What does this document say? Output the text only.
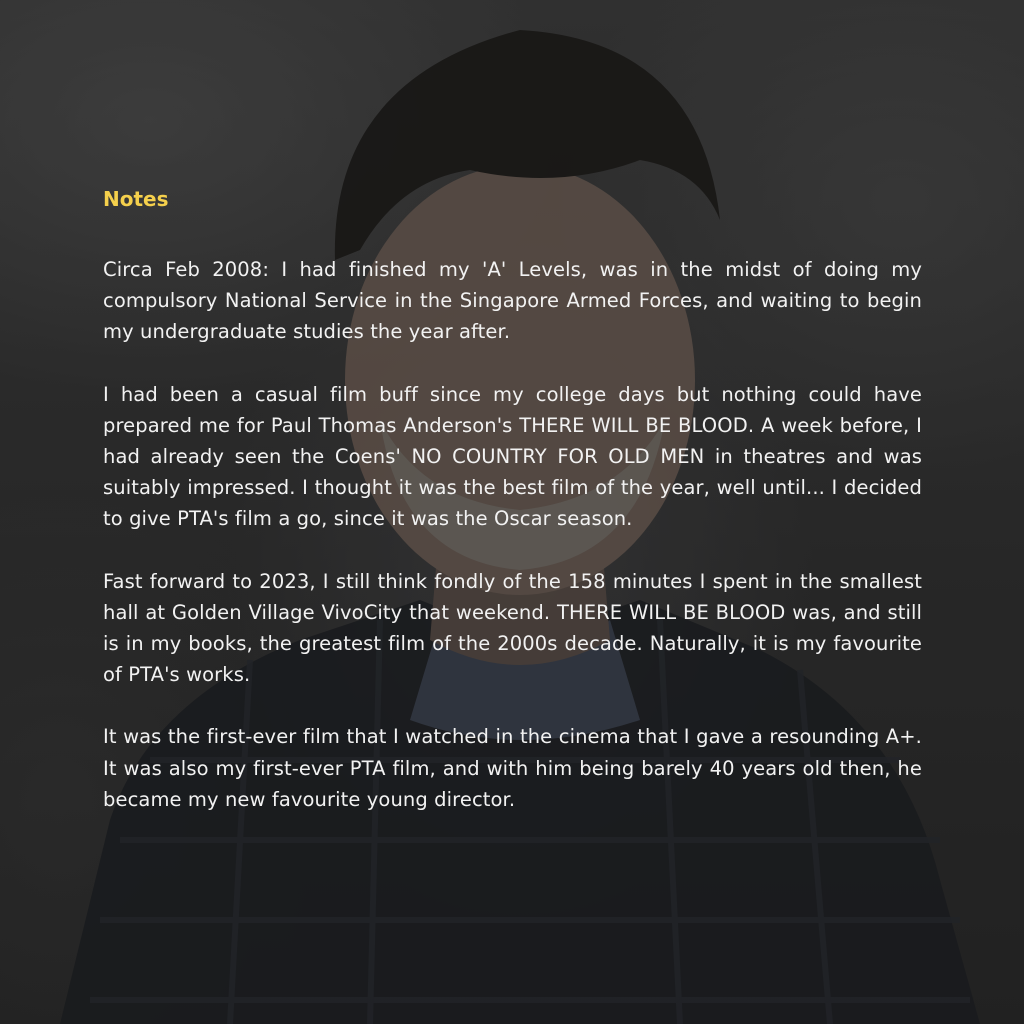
Notes

Circa Feb 2008: I had finished my 'A' Levels, was in the midst of doing my compulsory National Service in the Singapore Armed Forces, and waiting to begin my undergraduate studies the year after.

I had been a casual film buff since my college days but nothing could have prepared me for Paul Thomas Anderson's THERE WILL BE BLOOD. A week before, I had already seen the Coens' NO COUNTRY FOR OLD MEN in theatres and was suitably impressed. I thought it was the best film of the year, well until... I decided to give PTA's film a go, since it was the Oscar season.

Fast forward to 2023, I still think fondly of the 158 minutes I spent in the smallest hall at Golden Village VivoCity that weekend. THERE WILL BE BLOOD was, and still is in my books, the greatest film of the 2000s decade. Naturally, it is my favourite of PTA's works.

It was the first-ever film that I watched in the cinema that I gave a resounding A+. It was also my first-ever PTA film, and with him being barely 40 years old then, he became my new favourite young director.
